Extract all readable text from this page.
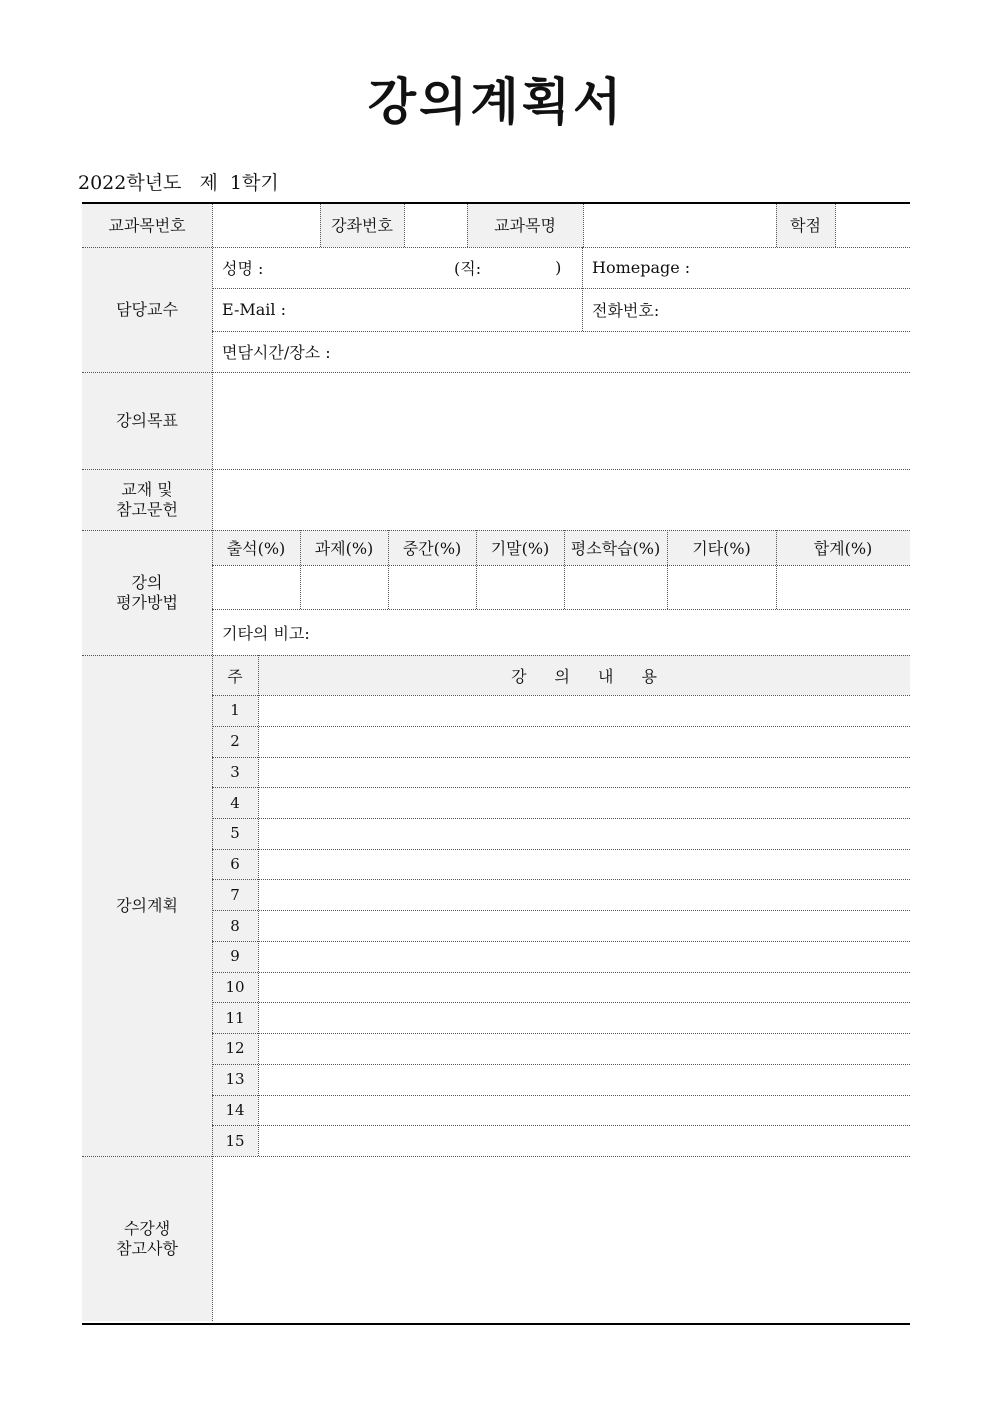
강의계획서
2022학년도 제  1학기
교과목번호	강좌번호	교과목명	학점
담당교수
성명 :	(직:	)	Homepage :
E-Mail :	전화번호:
면담시간/장소 :
강의목표
교재 및
참고문헌
강의
평가방법
출석(%)	과제(%)	중간(%)	기말(%)	평소학습(%)	기타(%)	합계(%)
기타의 비고:
강의계획
주	강의내용
1
2
3
4
5
6
7
8
9
10
11
12
13
14
15
수강생
참고사항
